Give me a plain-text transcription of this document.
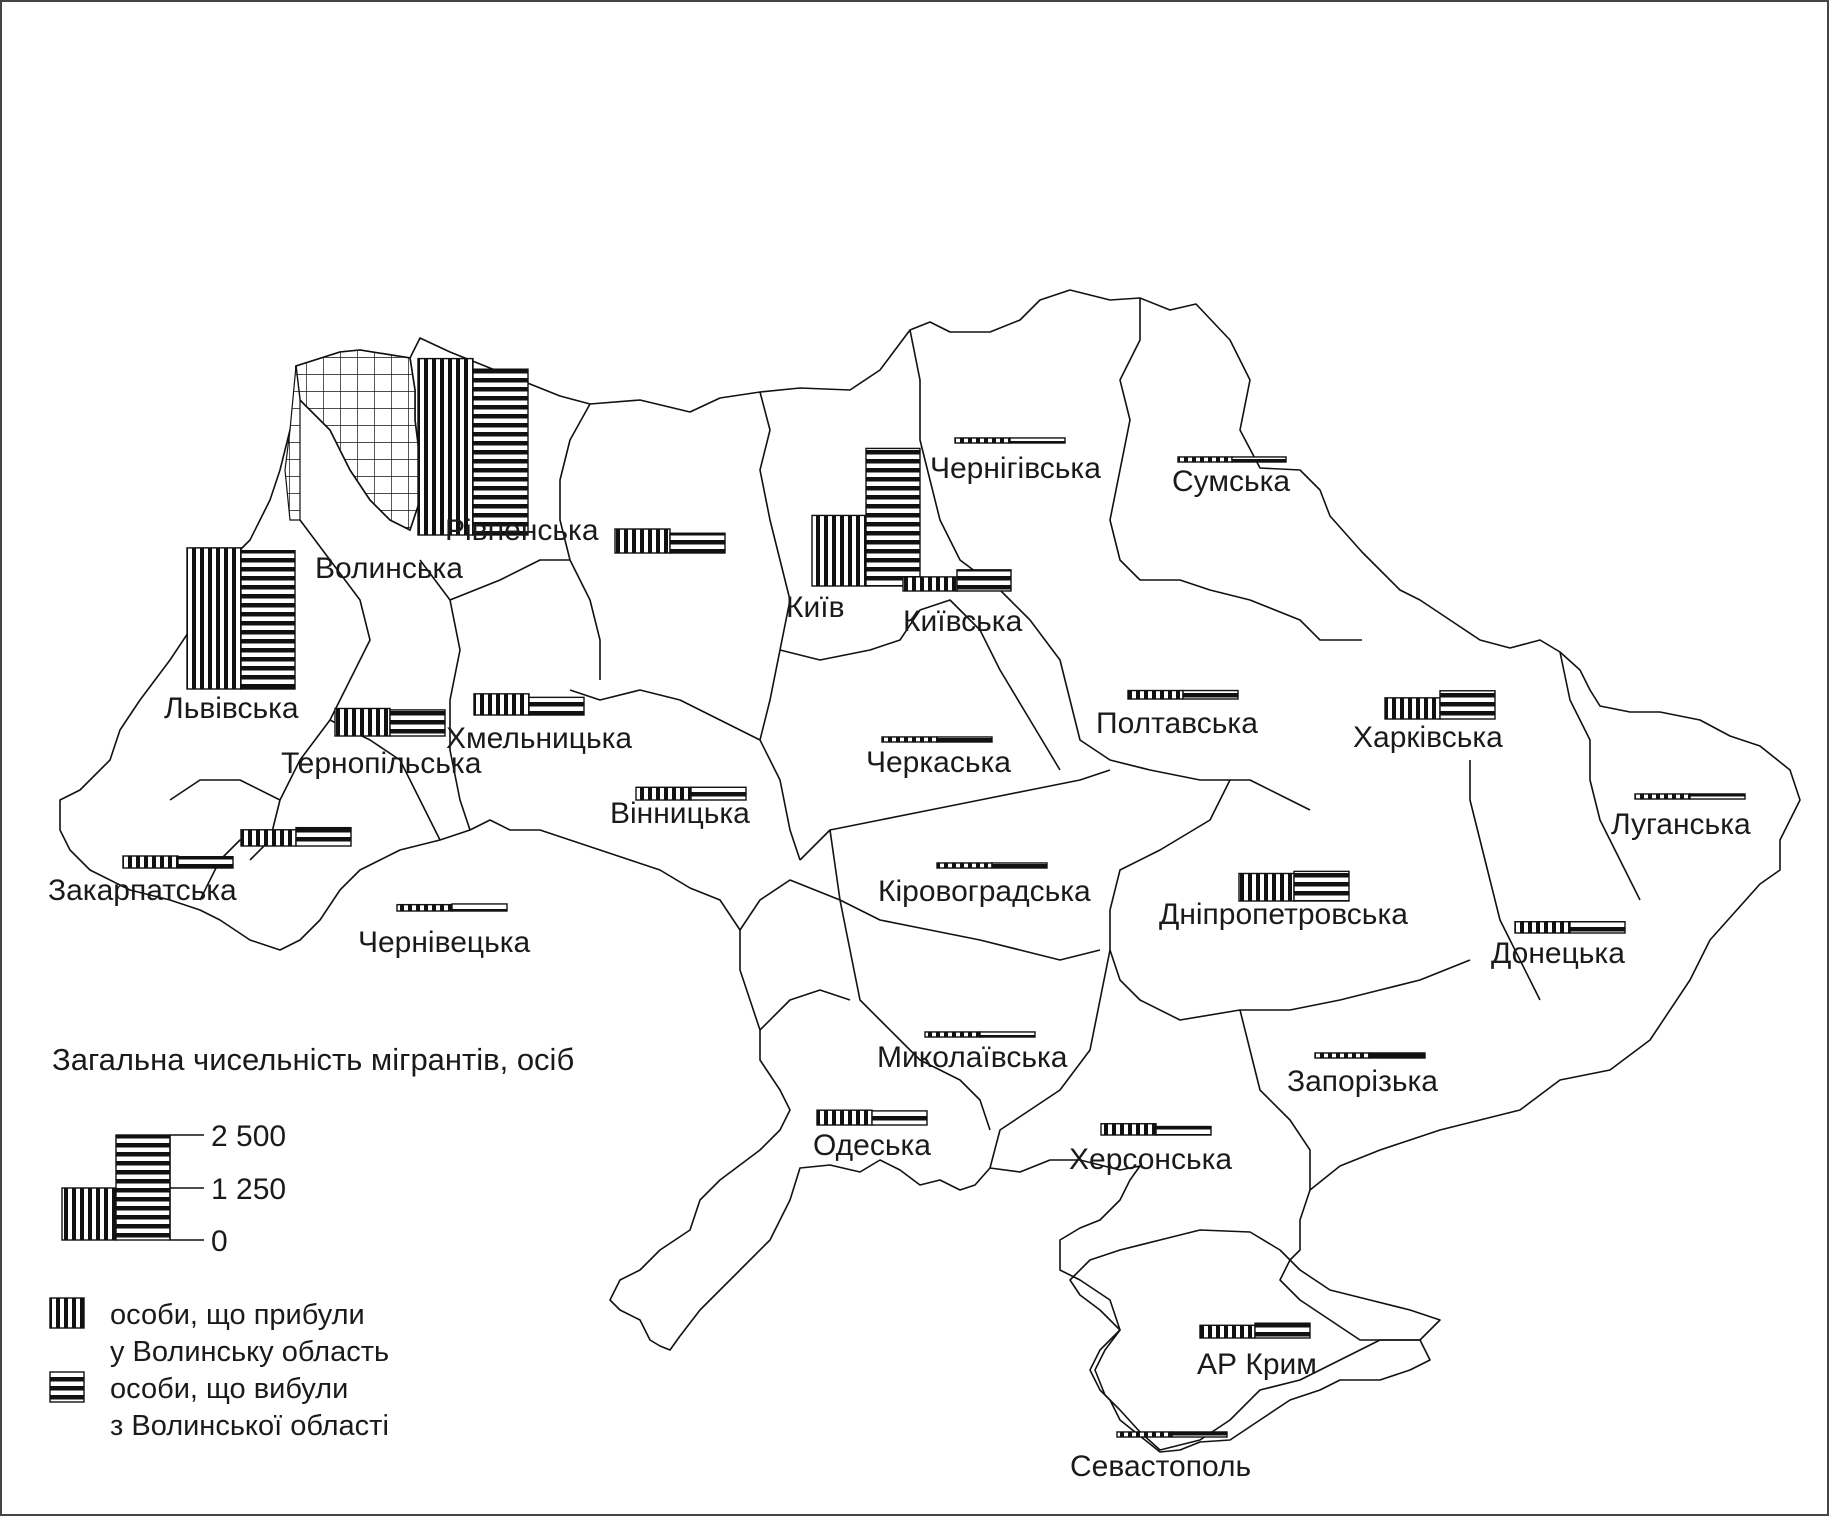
Волинська
Львівська
Рівненська
Київ Київська
Чернігівська Сумська
Хмельницька
Тернопільська
Вінницька
Закарпатська
Чернівецька
Черкаська
Полтавська	Харківська
Луганська
Кіровоградська
Дніпропетровська
Донецька
Миколаївська
Запорізька
Одеська	Херсонська
АР Крим
Севастополь
Загальна чисельність мігрантів, осіб
2 500
1 250
0
особи, що прибули
у Волинську область
особи, що вибули
з Волинської області
